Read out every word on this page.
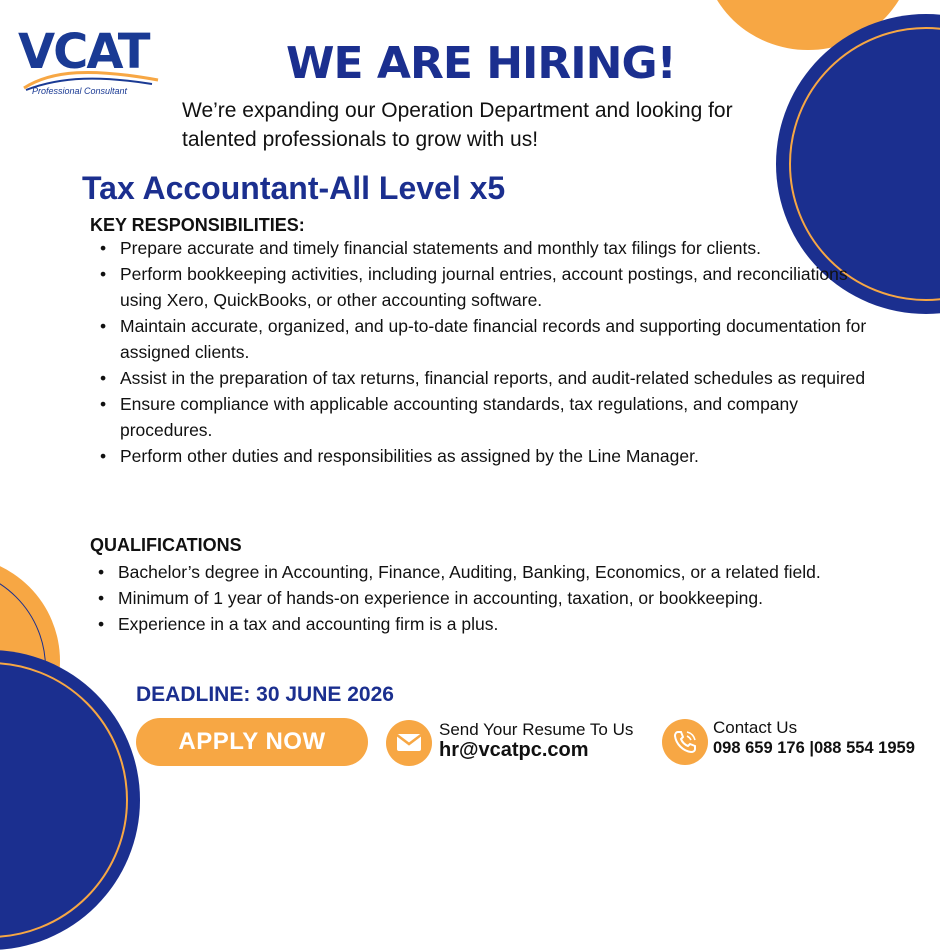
VCAT
Professional Consultant
WE ARE HIRING!
We’re expanding our Operation Department and looking for talented professionals to grow with us!
Tax Accountant-All Level x5
KEY RESPONSIBILITIES:
• Prepare accurate and timely financial statements and monthly tax filings for clients.
• Perform bookkeeping activities, including journal entries, account postings, and reconciliations using Xero, QuickBooks, or other accounting software.
• Maintain accurate, organized, and up-to-date financial records and supporting documentation for assigned clients.
• Assist in the preparation of tax returns, financial reports, and audit-related schedules as required
• Ensure compliance with applicable accounting standards, tax regulations, and company procedures.
• Perform other duties and responsibilities as assigned by the Line Manager.
QUALIFICATIONS
• Bachelor’s degree in Accounting, Finance, Auditing, Banking, Economics, or a related field.
• Minimum of 1 year of hands-on experience in accounting, taxation, or bookkeeping.
• Experience in a tax and accounting firm is a plus.
DEADLINE: 30 JUNE 2026
APPLY NOW	Send Your Resume To Us
hr@vcatpc.com
Contact Us
098 659 176 |088 554 1959
